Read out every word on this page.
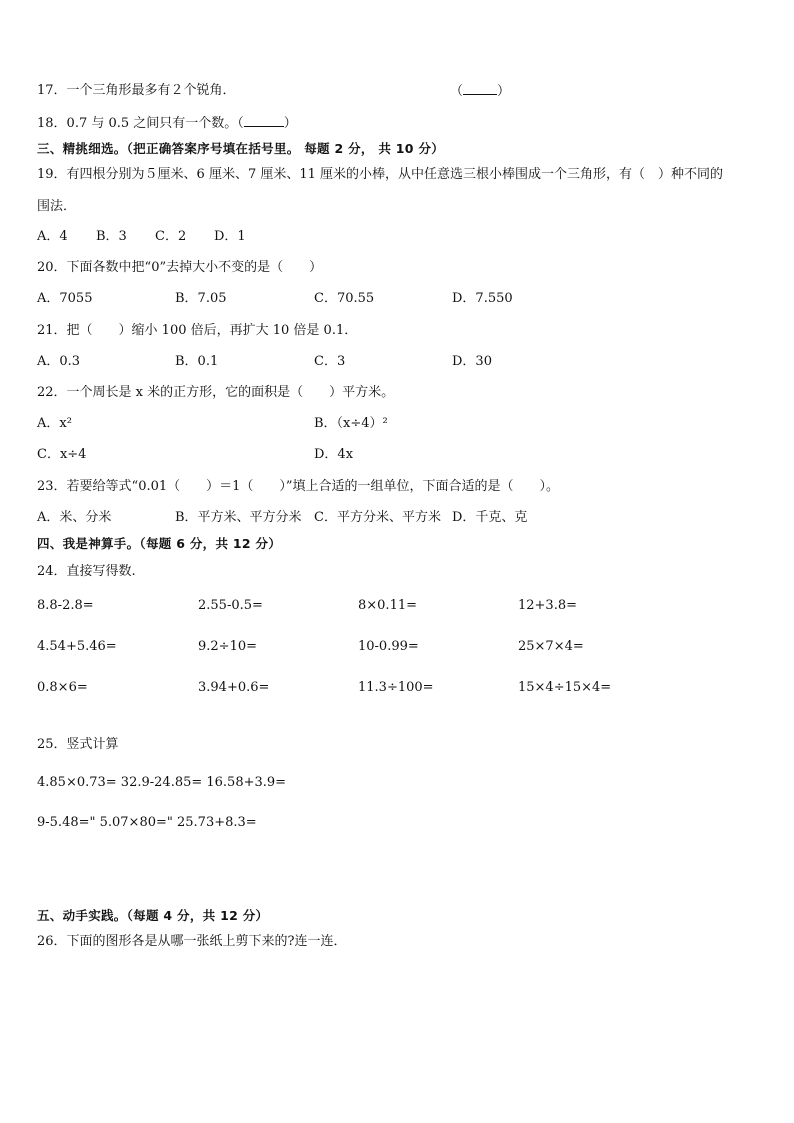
17．一个三角形最多有２个锐角．	（	）
18．0.7 与 0.5 之间只有一个数。（	）
三、精挑细选。（把正确答案序号填在括号里。 每题 2 分， 共 10 分）
19．有四根分别为５厘米、6 厘米、7 厘米、11 厘米的小棒，从中任意选三根小棒围成一个三角形，有（　）种不同的
围法．
A．4 B．3 C．2 D．1
20．下面各数中把“0”去掉大小不变的是（　　）
A．7055	B．7.05	C．70.55	D．7.550
21．把（　　）缩小 100 倍后，再扩大 10 倍是 0.1．
A．0.3	B．0.1	C．3	D．30
22．一个周长是 x 米的正方形，它的面积是（　　）平方米。
A．x²	B．（x÷4）²
C．x÷4	D．4x
23．若要给等式“0.01（　　）＝1（　　）”填上合适的一组单位，下面合适的是（　　）。
A．米、分米	B．平方米、平方分米 C．平方分米、平方米 D．千克、克
四、我是神算手。（每题 6 分，共 12 分）
24．直接写得数.
8.8-2.8=	2.55-0.5=	8×0.11=	12+3.8=
4.54+5.46=	9.2÷10=	10-0.99=	25×7×4=
0.8×6=	3.94+0.6=	11.3÷100=	15×4÷15×4=
25．竖式计算
4.85×0.73= 32.9-24.85= 16.58+3.9=
9-5.48=" 5.07×80=" 25.73+8.3=
五、动手实践。（每题 4 分，共 12 分）
26．下面的图形各是从哪一张纸上剪下来的?连一连．
